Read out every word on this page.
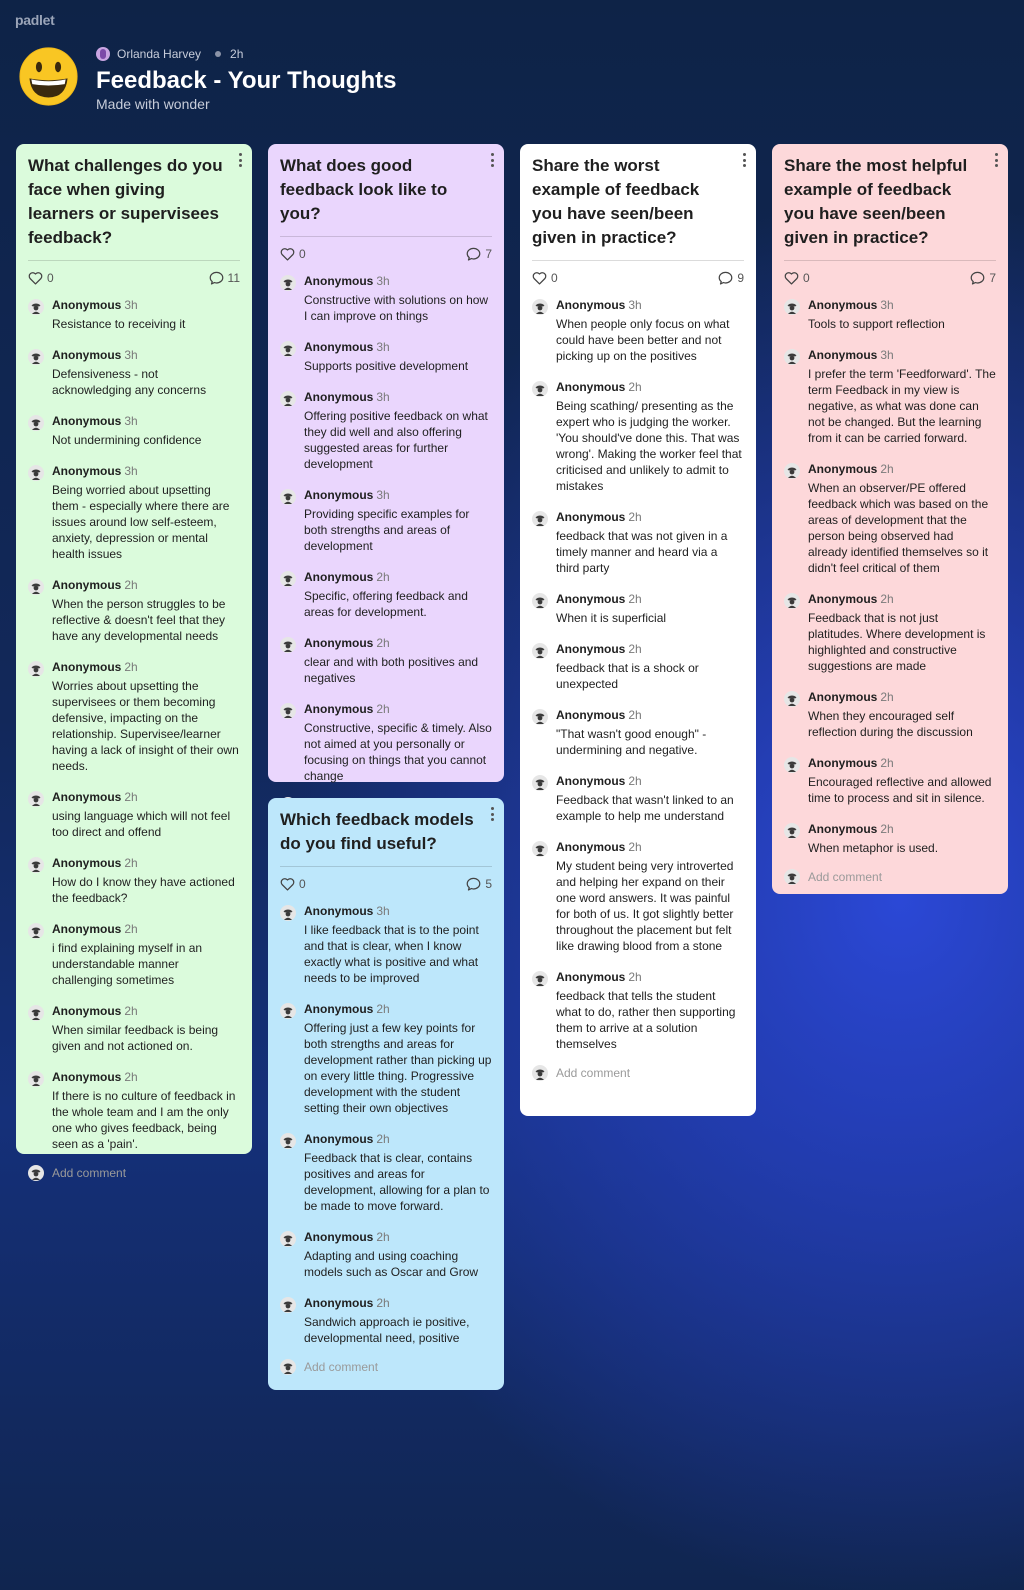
padlet
Orlanda Harvey 2h
Feedback - Your Thoughts
Made with wonder
What challenges do you face when giving learners or supervisees feedback?
0	11
Anonymous 3h
Resistance to receiving it
Anonymous 3h
Defensiveness - not acknowledging any concerns
Anonymous 3h
Not undermining confidence
Anonymous 3h
Being worried about upsetting them - especially where there are issues around low self-esteem, anxiety, depression or mental health issues
Anonymous 2h
When the person struggles to be reflective & doesn't feel that they have any developmental needs
Anonymous 2h
Worries about upsetting the supervisees or them becoming defensive, impacting on the relationship. Supervisee/learner having a lack of insight of their own needs.
Anonymous 2h
using language which will not feel too direct and offend
Anonymous 2h
How do I know they have actioned the feedback?
Anonymous 2h
i find explaining myself in an understandable manner challenging sometimes
Anonymous 2h
When similar feedback is being given and not actioned on.
Anonymous 2h
If there is no culture of feedback in the whole team and I am the only one who gives feedback, being seen as a 'pain'.
Add comment
What does good feedback look like to you?
0	7
Anonymous 3h
Constructive with solutions on how I can improve on things
Anonymous 3h
Supports positive development
Anonymous 3h
Offering positive feedback on what they did well and also offering suggested areas for further development
Anonymous 3h
Providing specific examples for both strengths and areas of development
Anonymous 2h
Specific, offering feedback and areas for development.
Anonymous 2h
clear and with both positives and negatives
Anonymous 2h
Constructive, specific & timely. Also not aimed at you personally or focusing on things that you cannot change
Which feedback models do you find useful?
0	5
Anonymous 3h
I like feedback that is to the point and that is clear, when I know exactly what is positive and what needs to be improved
Anonymous 2h
Offering just a few key points for both strengths and areas for development rather than picking up on every little thing. Progressive development with the student setting their own objectives
Anonymous 2h
Feedback that is clear, contains positives and areas for development, allowing for a plan to be made to move forward.
Anonymous 2h
Adapting and using coaching models such as Oscar and Grow
Anonymous 2h
Sandwich approach ie positive, developmental need, positive
Add comment
Share the worst example of feedback you have seen/been given in practice?
0	9
Anonymous 3h
When people only focus on what could have been better and not picking up on the positives
Anonymous 2h
Being scathing/ presenting as the expert who is judging the worker. 'You should've done this. That was wrong'. Making the worker feel that criticised and unlikely to admit to mistakes
Anonymous 2h
feedback that was not given in a timely manner and heard via a third party
Anonymous 2h
When it is superficial
Anonymous 2h
feedback that is a shock or unexpected
Anonymous 2h
"That wasn't good enough" - undermining and negative.
Anonymous 2h
Feedback that wasn't linked to an example to help me understand
Anonymous 2h
My student being very introverted and helping her expand on their one word answers. It was painful for both of us. It got slightly better throughout the placement but felt like drawing blood from a stone
Anonymous 2h
feedback that tells the student what to do, rather then supporting them to arrive at a solution themselves
Add comment
Share the most helpful example of feedback you have seen/been given in practice?
0	7
Anonymous 3h
Tools to support reflection
Anonymous 3h
I prefer the term 'Feedforward'. The term Feedback in my view is negative, as what was done can not be changed. But the learning from it can be carried forward.
Anonymous 2h
When an observer/PE offered feedback which was based on the areas of development that the person being observed had already identified themselves so it didn't feel critical of them
Anonymous 2h
Feedback that is not just platitudes. Where development is highlighted and constructive suggestions are made
Anonymous 2h
When they encouraged self reflection during the discussion
Anonymous 2h
Encouraged reflective and allowed time to process and sit in silence.
Anonymous 2h
When metaphor is used.
Add comment
